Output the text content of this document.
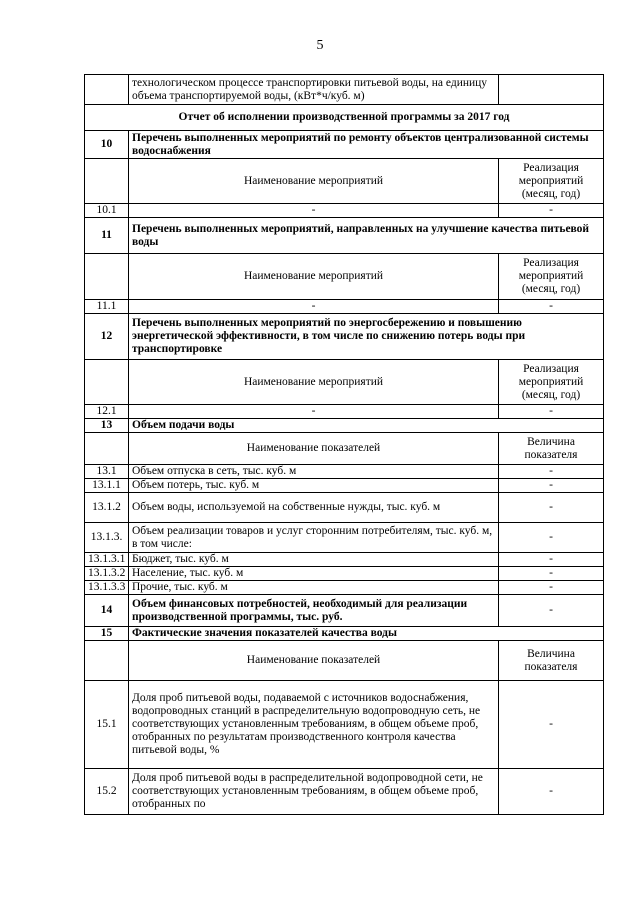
5
	технологическом процессе транспортировки питьевой воды, на единицу объема транспортируемой воды, (кВт*ч/куб. м)	
Отчет об исполнении производственной программы за 2017 год		
10	Перечень выполненных мероприятий по ремонту объектов централизованной системы водоснабжения	
	Наименование мероприятий	Реализация мероприятий (месяц, год)
10.1	-	-
11	Перечень выполненных мероприятий, направленных на улучшение качества питьевой воды	
	Наименование мероприятий	Реализация мероприятий (месяц, год)
11.1	-	-
12	Перечень выполненных мероприятий по энергосбережению и повышению энергетической эффективности, в том числе по снижению потерь воды при транспортировке	
	Наименование мероприятий	Реализация мероприятий (месяц, год)
12.1	-	-
13	Объем подачи воды	
	Наименование показателей	Величина показателя
13.1	Объем отпуска в сеть, тыс. куб. м	-
13.1.1	Объем потерь, тыс. куб. м	-
13.1.2	Объем воды, используемой на собственные нужды, тыс. куб. м	-
13.1.3.	Объем реализации товаров и услуг сторонним потребителям, тыс. куб. м, в том числе:	-
13.1.3.1	Бюджет, тыс. куб. м	-
13.1.3.2	Население, тыс. куб. м	-
13.1.3.3	Прочие, тыс. куб. м	-
14	Объем финансовых потребностей, необходимый для реализации производственной программы, тыс. руб.	-
15	Фактические значения показателей качества воды	
	Наименование показателей	Величина показателя
15.1	Доля проб питьевой воды, подаваемой с источников водоснабжения, водопроводных станций в распределительную водопроводную сеть, не соответствующих установленным требованиям, в общем объеме проб, отобранных по результатам производственного контроля качества питьевой воды, %	-
15.2	Доля проб питьевой воды в распределительной водопроводной сети, не соответствующих установленным требованиям, в общем объеме проб, отобранных по	-
